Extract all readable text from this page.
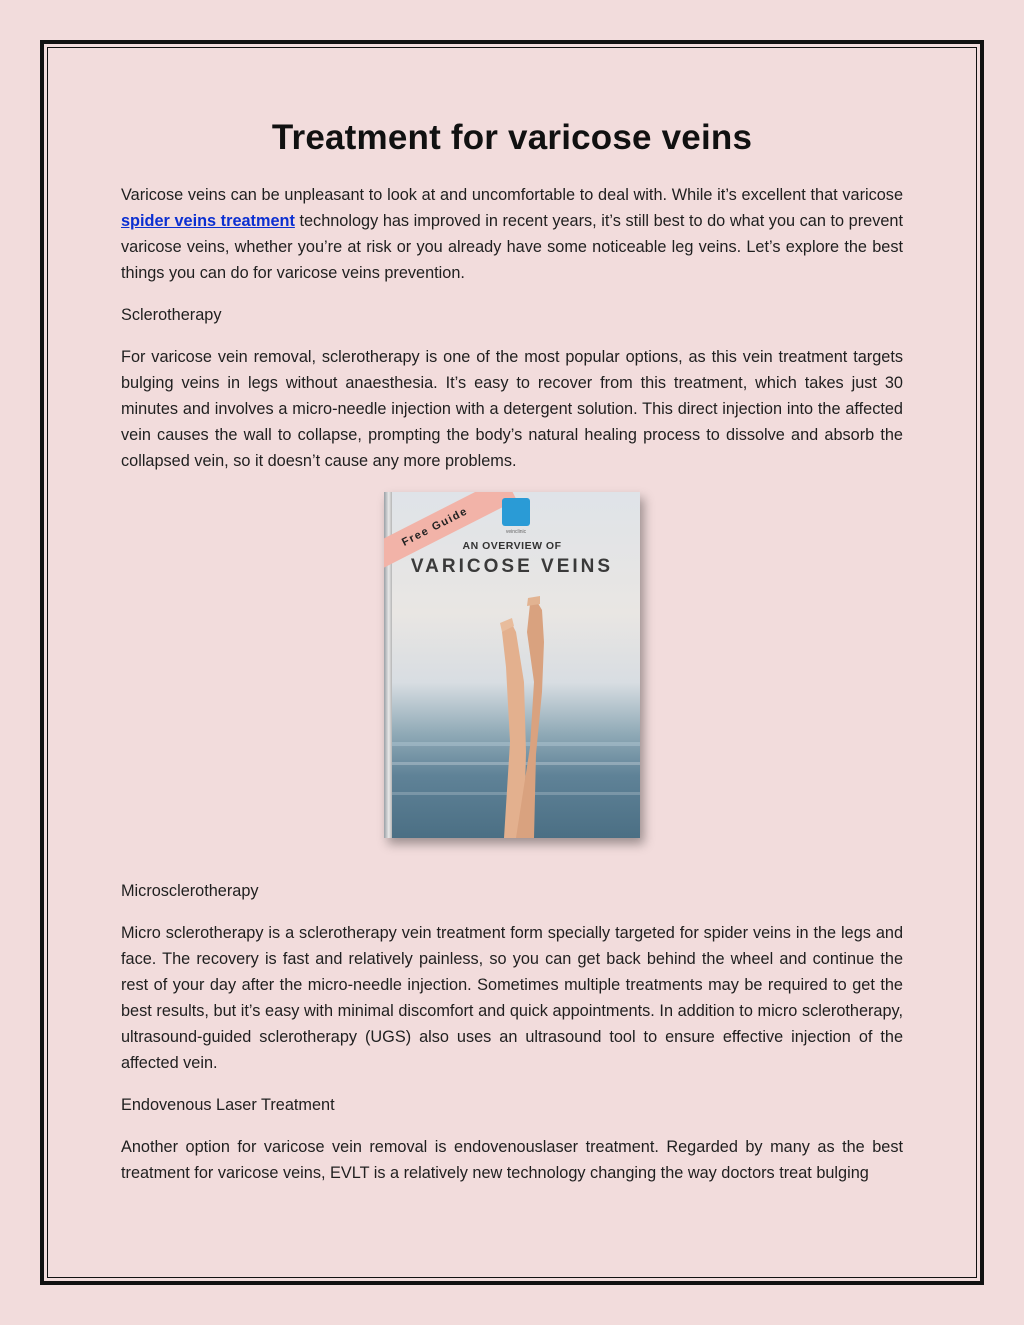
Treatment for varicose veins

Varicose veins can be unpleasant to look at and uncomfortable to deal with. While it’s excellent that varicose spider veins treatment technology has improved in recent years, it’s still best to do what you can to prevent varicose veins, whether you’re at risk or you already have some noticeable leg veins. Let’s explore the best things you can do for varicose veins prevention.

Sclerotherapy

For varicose vein removal, sclerotherapy is one of the most popular options, as this vein treatment targets bulging veins in legs without anaesthesia. It’s easy to recover from this treatment, which takes just 30 minutes and involves a micro-needle injection with a detergent solution. This direct injection into the affected vein causes the wall to collapse, prompting the body’s natural healing process to dissolve and absorb the collapsed vein, so it doesn’t cause any more problems.

Free Guide	veinclinic
AN OVERVIEW OF
VARICOSE VEINS

Microsclerotherapy

Micro sclerotherapy is a sclerotherapy vein treatment form specially targeted for spider veins in the legs and face. The recovery is fast and relatively painless, so you can get back behind the wheel and continue the rest of your day after the micro-needle injection. Sometimes multiple treatments may be required to get the best results, but it’s easy with minimal discomfort and quick appointments. In addition to micro sclerotherapy, ultrasound-guided sclerotherapy (UGS) also uses an ultrasound tool to ensure effective injection of the affected vein.

Endovenous Laser Treatment

Another option for varicose vein removal is endovenouslaser treatment. Regarded by many as the best treatment for varicose veins, EVLT is a relatively new technology changing the way doctors treat bulging
